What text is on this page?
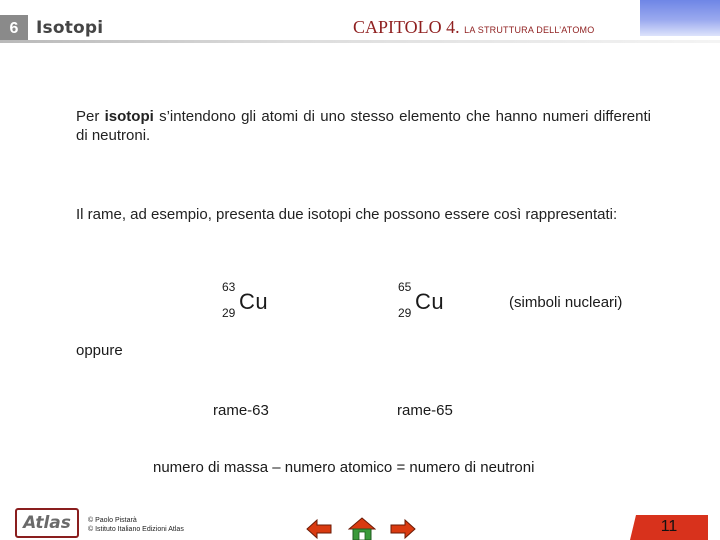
6	Isotopi	CAPITOLO 4. LA STRUTTURA DELL’ATOMO
Per isotopi s’intendono gli atomi di uno stesso elemento che hanno numeri differenti di neutroni.
Il rame, ad esempio, presenta due isotopi che possono essere così rappresentati:
63
Cu
29
65
Cu
29
(simboli nucleari)
oppure
rame-63	rame-65
numero di massa – numero atomico = numero di neutroni
Atlas © Paolo Pistarà
© Istituto Italiano Edizioni Atlas	11
